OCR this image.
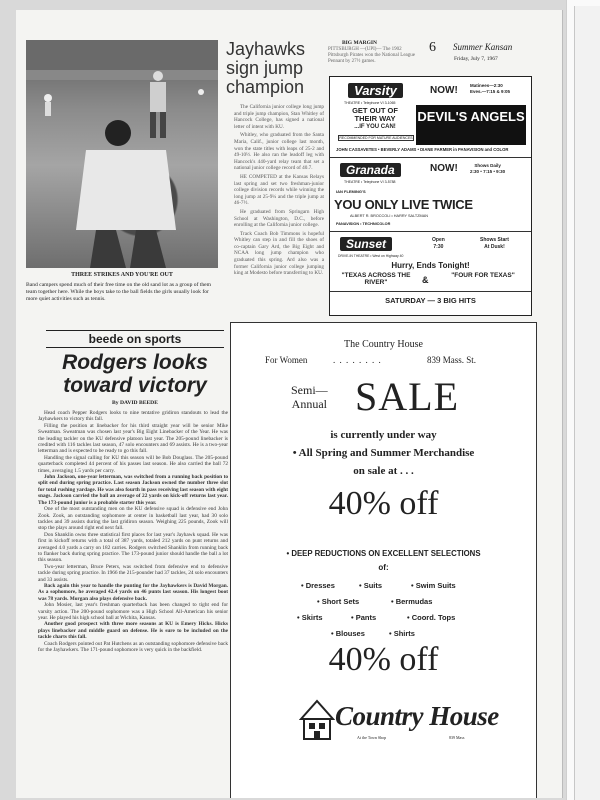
THREE STRIKES AND YOU'RE OUT
Band campers spend much of their free time on the old sand lot as a group of them team together here. While the boys take to the ball fields the girls usually look for more quiet activities such as tennis.
Jayhawks
sign jump
champion

The California junior college long jump and triple jump champion, Stan Whitley of Hancock College, has signed a national letter of intent with KU.

Whitley, who graduated from the Santa Maria, Calif., junior college last month, won the state titles with leaps of 25-2 and 49-10½. He also ran the leadoff leg with Hancock's 440-yard relay team that set a national junior college record of 40.7.

HE COMPETED at the Kansas Relays last spring and set two freshman-junior college division records while winning the long jump at 25-9¼ and the triple jump at 46-7½.

He graduated from Springarn High School at Washington, D.C., before enrolling at the California junior college.

Track Coach Bob Timmons is hopeful Whitley can step in and fill the shoes of co-captain Gary Ard, the Big Eight and NCAA long jump champion who graduated this spring. Ard also was a former California junior college jumping king at Modesto before transferring to KU.

BIG MARGIN
PITTSBURGH —(UPI)— The 1902 Pittsburgh Pirates won the National League Pennant by 27½ games.
6 Summer Kansan
Friday, July 7, 1967
Varsity
THEATRE • Telephone VI 3-1065
NOW!	Matinees—2:30
Eves.—7:15 & 9:05
GET OUT OF
THEIR WAY
...IF YOU CAN!
RECOMMENDED FOR MATURE AUDIENCES
DEVIL'S ANGELS
JOHN CASSAVETES • BEVERLY ADAMS • DIANE FARMER in PANAVISION and COLOR
Granada
THEATRE • Telephone VI 3-5788
NOW!	Shows Daily
2:30 • 7:15 • 9:30
IAN FLEMING'S
YOU ONLY LIVE TWICE
ALBERT R. BROCCOLI • HARRY SALTZMAN
PANAVISION • TECHNICOLOR
Sunset
DRIVE-IN THEATRE • West on Highway 40
Open
7:30
Shows Start
At Dusk!
Hurry, Ends Tonight!
"TEXAS ACROSS THE RIVER"	&	"FOUR FOR TEXAS"
SATURDAY — 3 BIG HITS
beede on sports
Rodgers looks
toward victory
By DAVID BEEDE

Head coach Pepper Rodgers looks to nine tentative gridiron standouts to lead the Jayhawkers to victory this fall.

Filling the position at linebacker for his third straight year will be senior Mike Sweatman. Sweatman was chosen last year's Big Eight Linebacker of the Year. He was the leading tackler on the KU defensive platoon last year. The 205-pound linebacker is credited with 116 tackles last season, 47 solo encounters and 69 assists. He is a two-year letterman and is expected to be ready to go this fall.

Handling the signal calling for KU this season will be Bob Douglass. The 205-pound quarterback completed 44 percent of his passes last season. He also carried the ball 72 times, averaging 1.5 yards per carry.

John Jackson, one-year letterman, was switched from a running back position to split end during spring practice. Last season Jackson owned the number three slot for total rushing yardage. He was also fourth in pass receiving last season with eight snags. Jackson carried the ball an average of 22 yards on kick-off returns last year. The 173-pound junior is a probable starter this year.

One of the most outstanding men on the KU defensive squad is defensive end John Zook. Zook, an outstanding sophomore at center in basketball last year, had 30 solo tackles and 39 assists during the last gridiron season. Weighing 225 pounds, Zook will stop the plays around right end next fall.

Don Shanklin owns three statistical first places for last year's Jayhawk squad. He was first in kickoff returns with a total of 387 yards, totaled 212 yards on punt returns and averaged 4.0 yards a carry on 182 carries. Rodgers switched Shanklin from running back to flanker back during spring practice. The 173-pound junior should handle the ball a lot this season.

Two-year letterman, Bruce Peters, was switched from defensive end to defensive tackle during spring practice. In 1966 the 215-pounder had 37 tackles, 24 solo encounters and 33 assists.

Back again this year to handle the punting for the Jayhawkers is David Morgan. As a sophomore, he averaged 42.4 yards on 46 punts last season. His longest boot was 78 yards. Morgan also plays defensive back.

John Mosier, last year's freshman quarterback has been changed to tight end for varsity action. The 200-pound sophomore was a High School All-American his senior year. He played his high school ball at Wichita, Kansas.

Another good prospect with three more seasons at KU is Emery Hicks. Hicks plays linebacker and middle guard on defense. He is sure to be included on the tackle charts this fall.

Coach Rodgers pointed out Pat Hutchens as an outstanding sophomore defensive back for the Jayhawkers. The 171-pound sophomore is very quick in the backfield.

The Country House
For Women	. . . . . . . .	839 Mass. St.
Semi—
Annual SALE
is currently under way
• All Spring and Summer Merchandise
on sale at . . .
40% off
• DEEP REDUCTIONS ON EXCELLENT SELECTIONS
of:
• Dresses	• Suits	• Swim Suits
• Short Sets	• Bermudas
• Skirts	• Pants	• Coord. Tops
• Blouses	• Shirts
40% off
Country House
At the Town Shop	839 Mass
